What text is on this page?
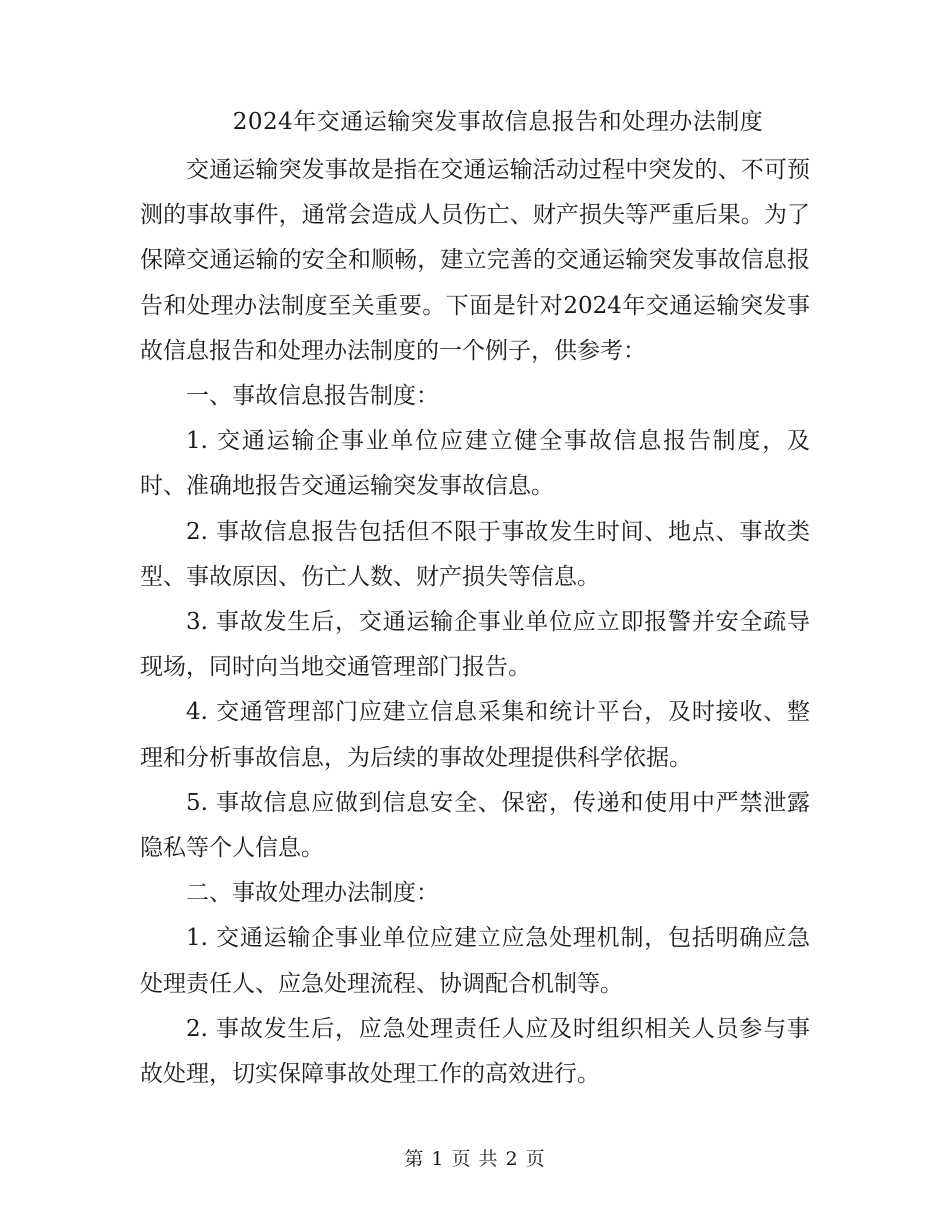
2024年交通运输突发事故信息报告和处理办法制度

交通运输突发事故是指在交通运输活动过程中突发的、不可预测的事故事件，通常会造成人员伤亡、财产损失等严重后果。为了保障交通运输的安全和顺畅，建立完善的交通运输突发事故信息报告和处理办法制度至关重要。下面是针对2024年交通运输突发事故信息报告和处理办法制度的一个例子，供参考：

一、事故信息报告制度：

1. 交通运输企事业单位应建立健全事故信息报告制度，及时、准确地报告交通运输突发事故信息。

2. 事故信息报告包括但不限于事故发生时间、地点、事故类型、事故原因、伤亡人数、财产损失等信息。

3. 事故发生后，交通运输企事业单位应立即报警并安全疏导现场，同时向当地交通管理部门报告。

4. 交通管理部门应建立信息采集和统计平台，及时接收、整理和分析事故信息，为后续的事故处理提供科学依据。

5. 事故信息应做到信息安全、保密，传递和使用中严禁泄露隐私等个人信息。

二、事故处理办法制度：

1. 交通运输企事业单位应建立应急处理机制，包括明确应急处理责任人、应急处理流程、协调配合机制等。

2. 事故发生后，应急处理责任人应及时组织相关人员参与事故处理，切实保障事故处理工作的高效进行。

第 1 页 共 2 页
